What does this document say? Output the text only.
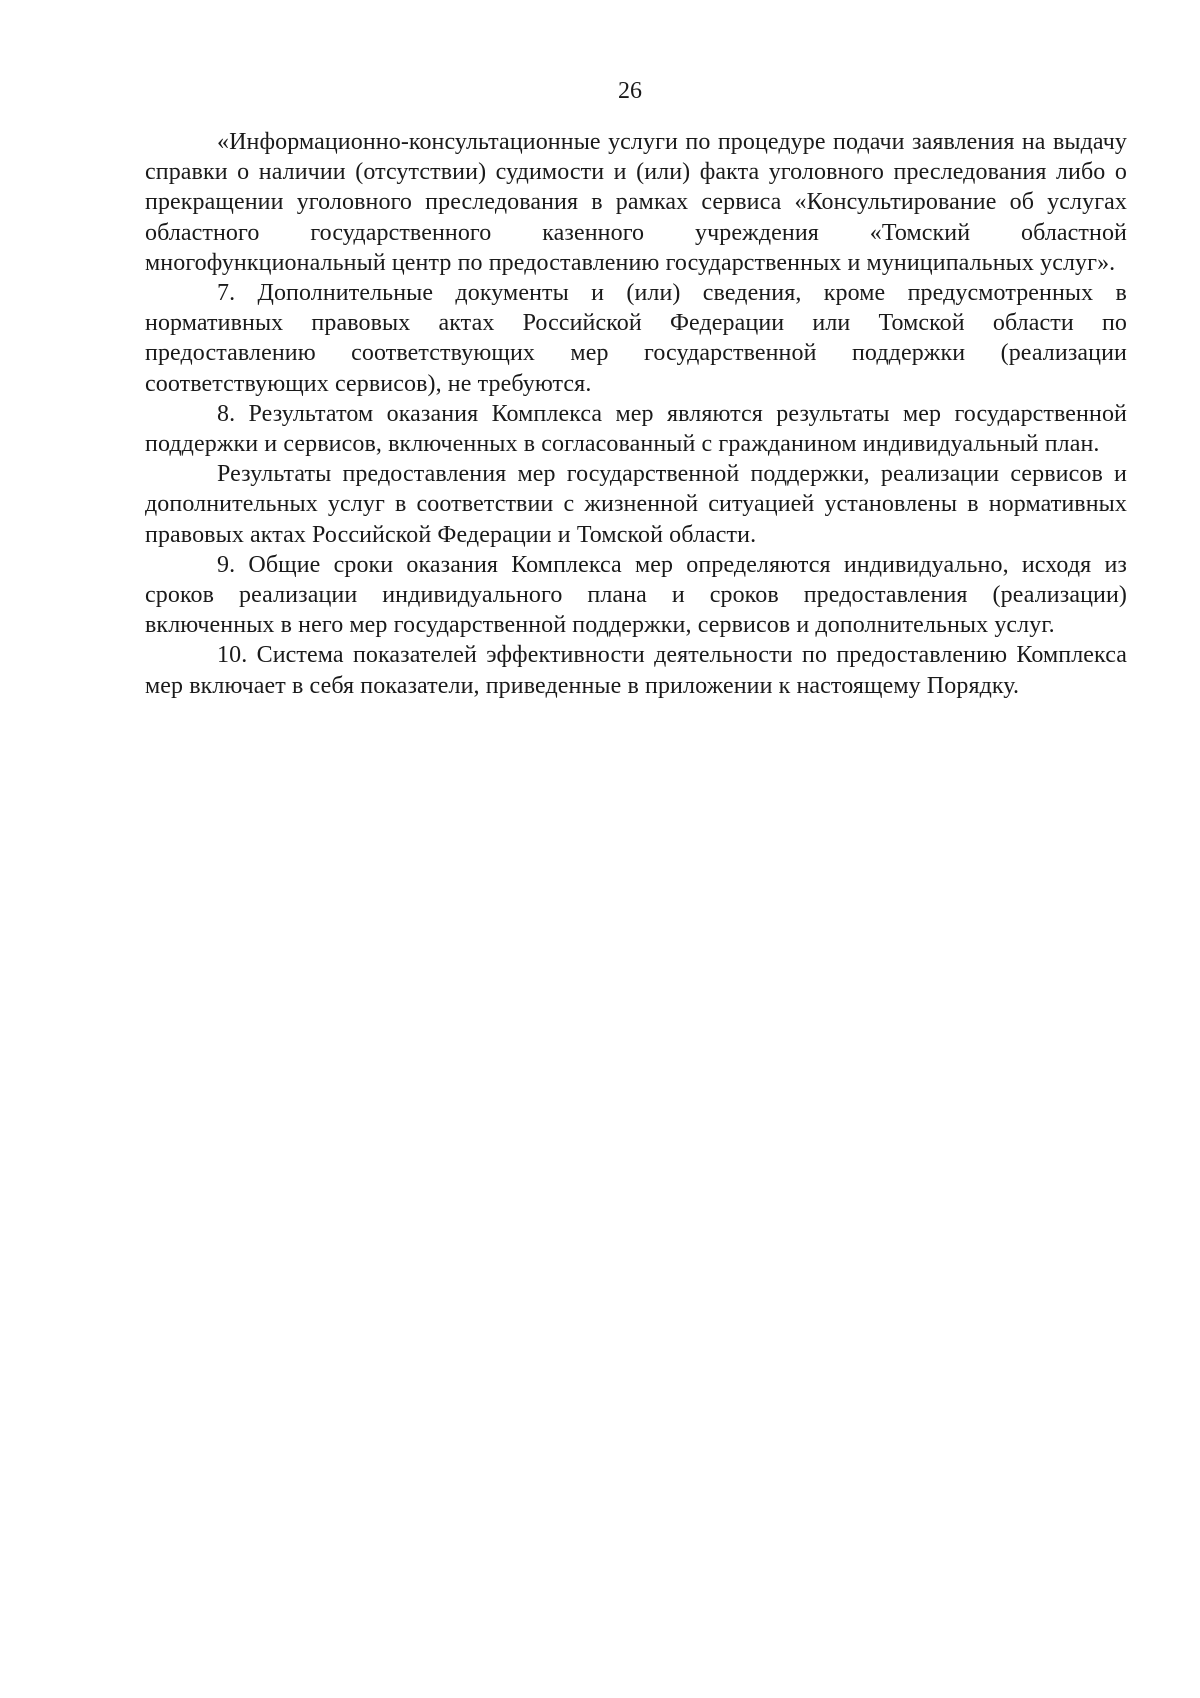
26

«Информационно-консультационные услуги по процедуре подачи заявления на выдачу справки о наличии (отсутствии) судимости и (или) факта уголовного преследования либо о прекращении уголовного преследования в рамках сервиса «Консультирование об услугах областного государственного казенного учреждения «Томский областной многофункциональный центр по предоставлению государственных и муниципальных услуг».

7. Дополнительные документы и (или) сведения, кроме предусмотренных в нормативных правовых актах Российской Федерации или Томской области по предоставлению соответствующих мер государственной поддержки (реализации соответствующих сервисов), не требуются.

8. Результатом оказания Комплекса мер являются результаты мер государственной поддержки и сервисов, включенных в согласованный с гражданином индивидуальный план.

Результаты предоставления мер государственной поддержки, реализации сервисов и дополнительных услуг в соответствии с жизненной ситуацией установлены в нормативных правовых актах Российской Федерации и Томской области.

9. Общие сроки оказания Комплекса мер определяются индивидуально, исходя из сроков реализации индивидуального плана и сроков предоставления (реализации) включенных в него мер государственной поддержки, сервисов и дополнительных услуг.

10. Система показателей эффективности деятельности по предоставлению Комплекса мер включает в себя показатели, приведенные в приложении к настоящему Порядку.
